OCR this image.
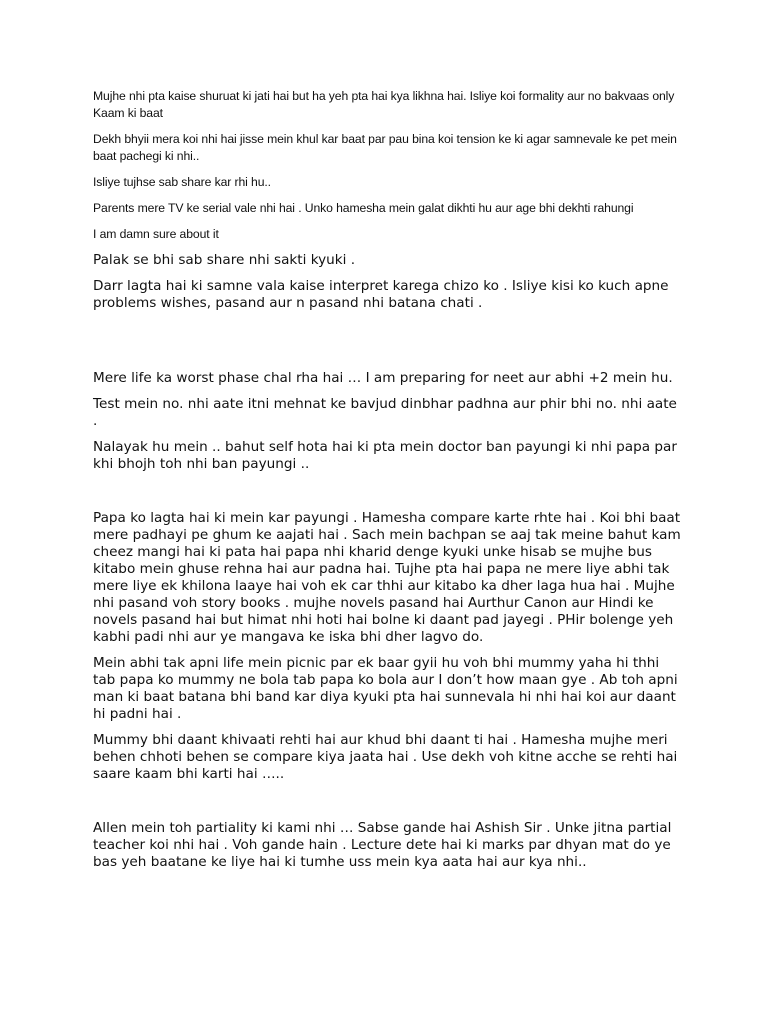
Mujhe nhi pta kaise shuruat ki jati hai but ha yeh pta hai kya likhna hai. Isliye koi formality aur no bakvaas only Kaam ki baat

Dekh bhyii mera koi nhi hai jisse mein khul kar baat par pau bina koi tension ke ki agar samnevale ke pet mein baat pachegi ki nhi..

Isliye tujhse sab share kar rhi hu..

Parents mere TV ke serial vale nhi hai . Unko hamesha mein galat dikhti hu aur age bhi dekhti rahungi

I am damn sure about it

Palak se bhi sab share nhi sakti kyuki .

Darr lagta hai ki samne vala kaise interpret karega chizo ko . Isliye kisi ko kuch apne problems wishes, pasand aur n pasand nhi batana chati .

Mere life ka worst phase chal rha hai … I am preparing for neet aur abhi +2 mein hu.

Test mein no. nhi aate itni mehnat ke bavjud dinbhar padhna aur phir bhi no. nhi aate .

Nalayak hu mein .. bahut self hota hai ki pta mein doctor ban payungi ki nhi papa par khi bhojh toh nhi ban payungi ..

Papa ko lagta hai ki mein kar payungi . Hamesha compare karte rhte hai . Koi bhi baat mere padhayi pe ghum ke aajati hai . Sach mein bachpan se aaj tak meine bahut kam cheez mangi hai ki pata hai papa nhi kharid denge kyuki unke hisab se mujhe bus kitabo mein ghuse rehna hai aur padna hai. Tujhe pta hai papa ne mere liye abhi tak mere liye ek khilona laaye hai voh ek car thhi aur kitabo ka dher laga hua hai . Mujhe nhi pasand voh story books . mujhe novels pasand hai Aurthur Canon aur Hindi ke novels pasand hai but himat nhi hoti hai bolne ki daant pad jayegi . PHir bolenge yeh kabhi padi nhi aur ye mangava ke iska bhi dher lagvo do.

Mein abhi tak apni life mein picnic par ek baar gyii hu voh bhi mummy yaha hi thhi tab papa ko mummy ne bola tab papa ko bola aur I don’t how maan gye . Ab toh apni man ki baat batana bhi band kar diya kyuki pta hai sunnevala hi nhi hai koi aur daant hi padni hai .

Mummy bhi daant khivaati rehti hai aur khud bhi daant ti hai . Hamesha mujhe meri behen chhoti behen se compare kiya jaata hai . Use dekh voh kitne acche se rehti hai saare kaam bhi karti hai …..

Allen mein toh partiality ki kami nhi … Sabse gande hai Ashish Sir . Unke jitna partial teacher koi nhi hai . Voh gande hain . Lecture dete hai ki marks par dhyan mat do ye bas yeh baatane ke liye hai ki tumhe uss mein kya aata hai aur kya nhi..
